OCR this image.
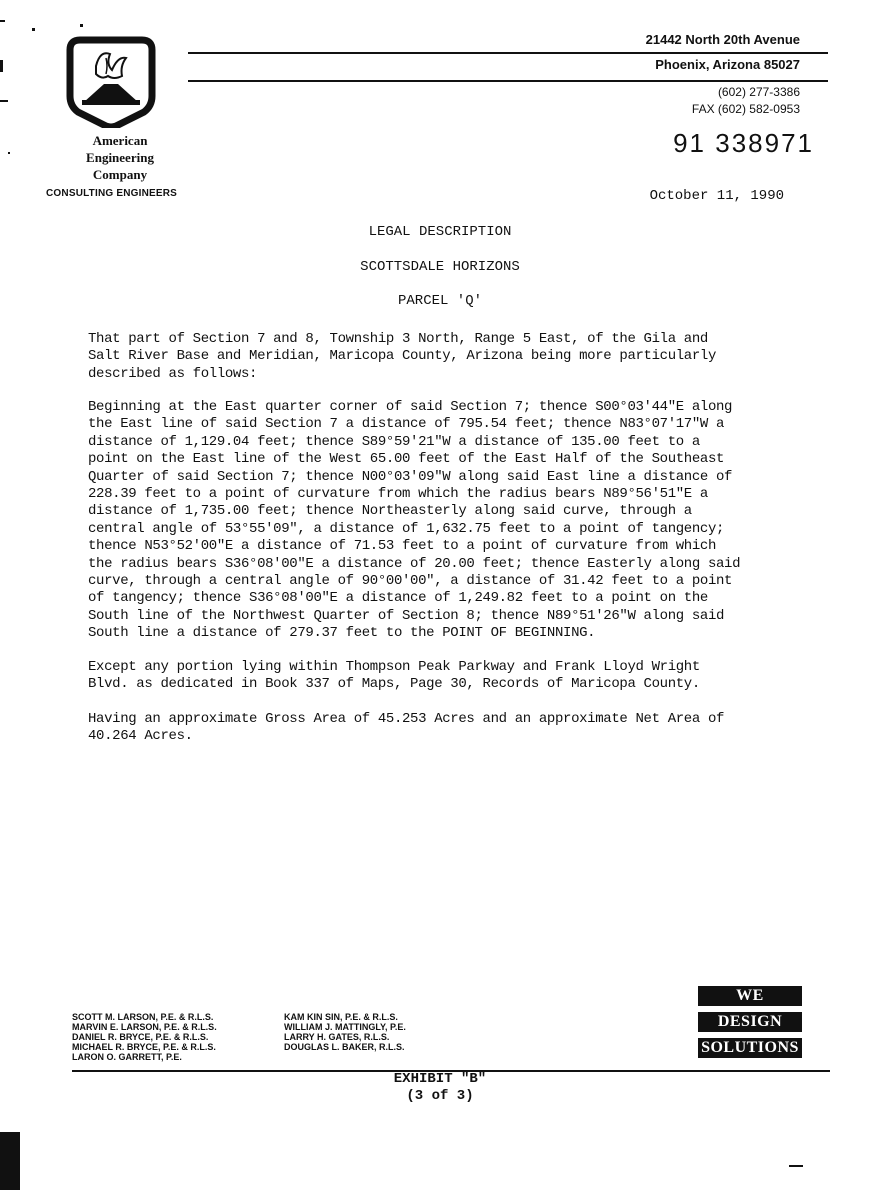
American
Engineering
Company
CONSULTING ENGINEERS
21442 North 20th Avenue
Phoenix, Arizona 85027
(602) 277-3386
FAX (602) 582-0953
91 338971
October 11, 1990
LEGAL DESCRIPTION
SCOTTSDALE HORIZONS
PARCEL 'Q'
That part of Section 7 and 8, Township 3 North, Range 5 East, of the Gila and
Salt River Base and Meridian, Maricopa County, Arizona being more particularly
described as follows:
Beginning at the East quarter corner of said Section 7; thence S00°03'44"E along
the East line of said Section 7 a distance of 795.54 feet; thence N83°07'17"W a
distance of 1,129.04 feet; thence S89°59'21"W a distance of 135.00 feet to a
point on the East line of the West 65.00 feet of the East Half of the Southeast
Quarter of said Section 7; thence N00°03'09"W along said East line a distance of
228.39 feet to a point of curvature from which the radius bears N89°56'51"E a
distance of 1,735.00 feet; thence Northeasterly along said curve, through a
central angle of 53°55'09", a distance of 1,632.75 feet to a point of tangency;
thence N53°52'00"E a distance of 71.53 feet to a point of curvature from which
the radius bears S36°08'00"E a distance of 20.00 feet; thence Easterly along said
curve, through a central angle of 90°00'00", a distance of 31.42 feet to a point
of tangency; thence S36°08'00"E a distance of 1,249.82 feet to a point on the
South line of the Northwest Quarter of Section 8; thence N89°51'26"W along said
South line a distance of 279.37 feet to the POINT OF BEGINNING.
Except any portion lying within Thompson Peak Parkway and Frank Lloyd Wright
Blvd. as dedicated in Book 337 of Maps, Page 30, Records of Maricopa County.
Having an approximate Gross Area of 45.253 Acres and an approximate Net Area of
40.264 Acres.
SCOTT M. LARSON, P.E. & R.L.S.
MARVIN E. LARSON, P.E. & R.L.S.
DANIEL R. BRYCE, P.E. & R.L.S.
MICHAEL R. BRYCE, P.E. & R.L.S.
LARON O. GARRETT, P.E.
KAM KIN SIN, P.E. & R.L.S.
WILLIAM J. MATTINGLY, P.E.
LARRY H. GATES, R.L.S.
DOUGLAS L. BAKER, R.L.S.
WE
DESIGN
SOLUTIONS
EXHIBIT "B"
(3 of 3)
